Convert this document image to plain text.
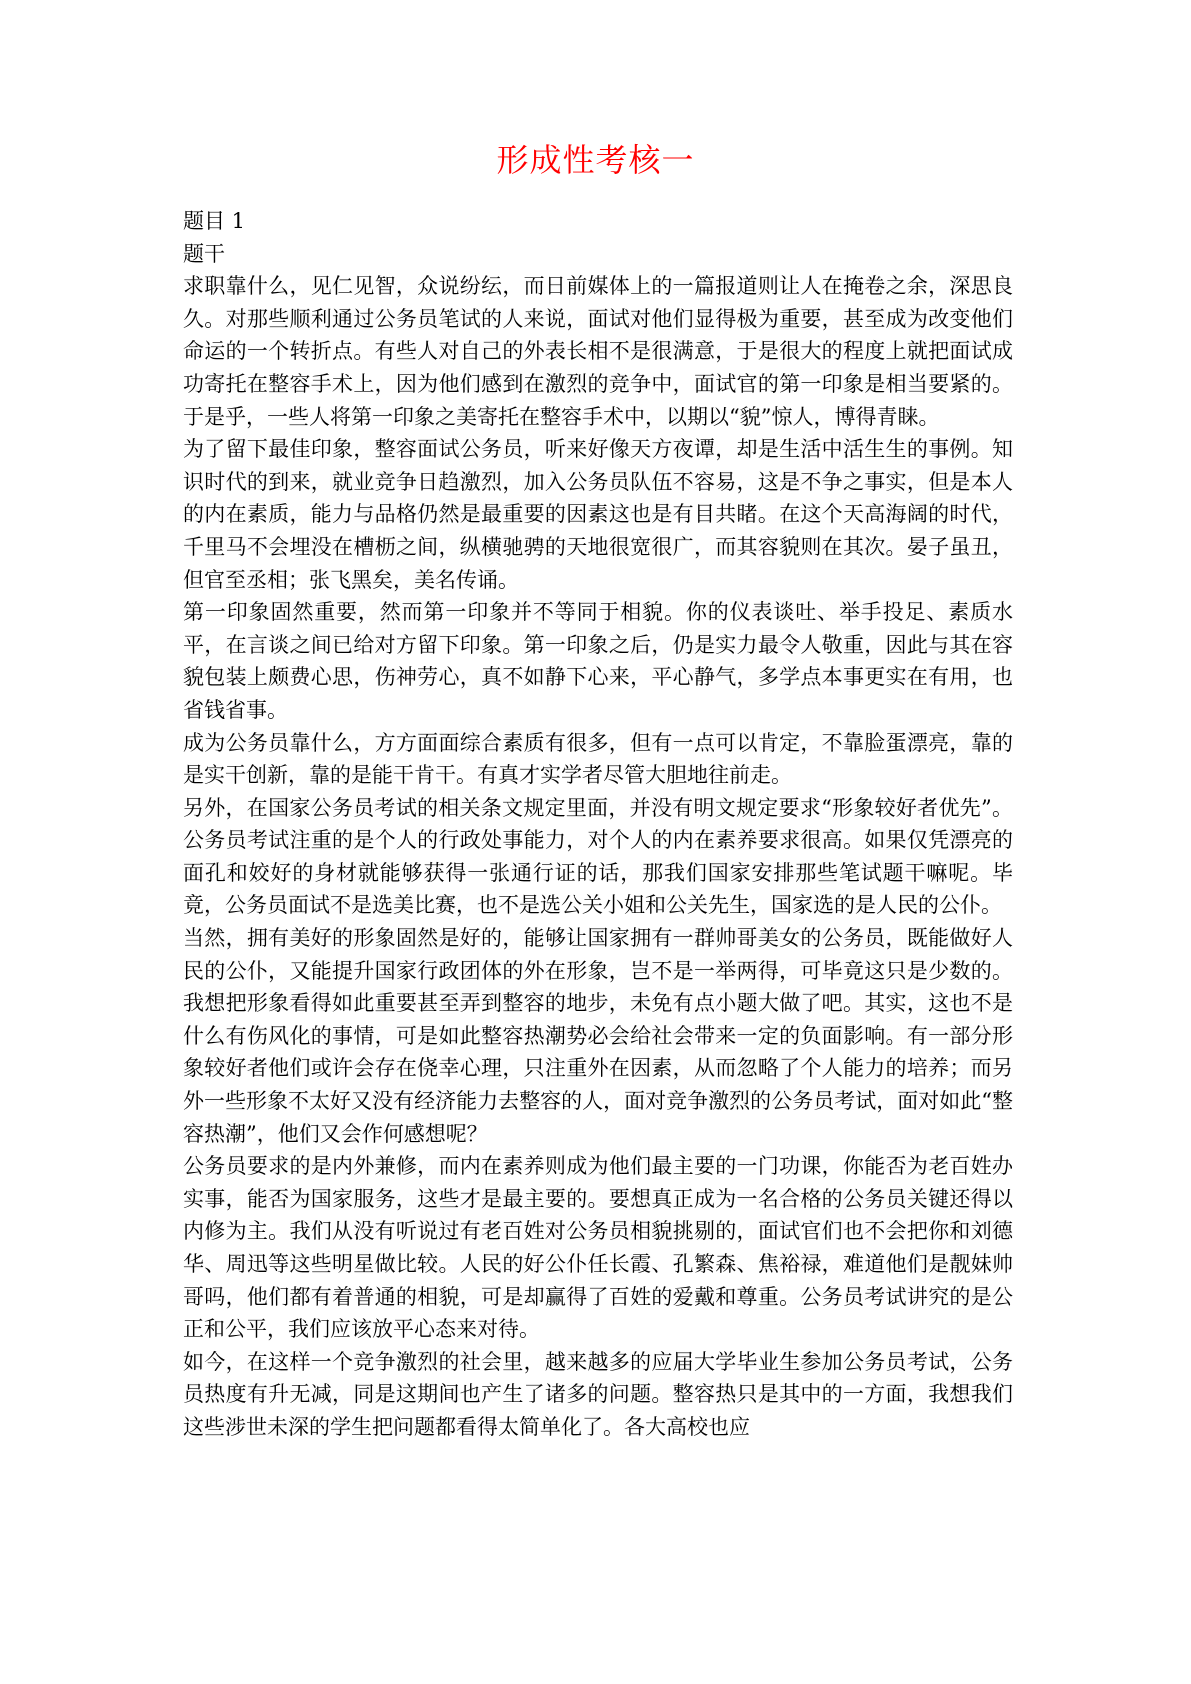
形成性考核一

题目 1

题干

求职靠什么，见仁见智，众说纷纭，而日前媒体上的一篇报道则让人在掩卷之余，深思良久。对那些顺利通过公务员笔试的人来说，面试对他们显得极为重要，甚至成为改变他们命运的一个转折点。有些人对自己的外表长相不是很满意，于是很大的程度上就把面试成功寄托在整容手术上，因为他们感到在激烈的竞争中，面试官的第一印象是相当要紧的。于是乎，一些人将第一印象之美寄托在整容手术中，以期以“貌”惊人，博得青睐。

为了留下最佳印象，整容面试公务员，听来好像天方夜谭，却是生活中活生生的事例。知识时代的到来，就业竞争日趋激烈，加入公务员队伍不容易，这是不争之事实，但是本人的内在素质，能力与品格仍然是最重要的因素这也是有目共睹。在这个天高海阔的时代，千里马不会埋没在槽枥之间，纵横驰骋的天地很宽很广，而其容貌则在其次。晏子虽丑，但官至丞相；张飞黑矣，美名传诵。

第一印象固然重要，然而第一印象并不等同于相貌。你的仪表谈吐、举手投足、素质水平，在言谈之间已给对方留下印象。第一印象之后，仍是实力最令人敬重，因此与其在容貌包装上颇费心思，伤神劳心，真不如静下心来，平心静气，多学点本事更实在有用，也省钱省事。

成为公务员靠什么，方方面面综合素质有很多，但有一点可以肯定，不靠脸蛋漂亮，靠的是实干创新，靠的是能干肯干。有真才实学者尽管大胆地往前走。

另外，在国家公务员考试的相关条文规定里面，并没有明文规定要求“形象较好者优先”。公务员考试注重的是个人的行政处事能力，对个人的内在素养要求很高。如果仅凭漂亮的面孔和姣好的身材就能够获得一张通行证的话，那我们国家安排那些笔试题干嘛呢。毕竟，公务员面试不是选美比赛，也不是选公关小姐和公关先生，国家选的是人民的公仆。

当然，拥有美好的形象固然是好的，能够让国家拥有一群帅哥美女的公务员，既能做好人民的公仆，又能提升国家行政团体的外在形象，岂不是一举两得，可毕竟这只是少数的。我想把形象看得如此重要甚至弄到整容的地步，未免有点小题大做了吧。其实，这也不是什么有伤风化的事情，可是如此整容热潮势必会给社会带来一定的负面影响。有一部分形象较好者他们或许会存在侥幸心理，只注重外在因素，从而忽略了个人能力的培养；而另外一些形象不太好又没有经济能力去整容的人，面对竞争激烈的公务员考试，面对如此“整容热潮”，他们又会作何感想呢？

公务员要求的是内外兼修，而内在素养则成为他们最主要的一门功课，你能否为老百姓办实事，能否为国家服务，这些才是最主要的。要想真正成为一名合格的公务员关键还得以内修为主。我们从没有听说过有老百姓对公务员相貌挑剔的，面试官们也不会把你和刘德华、周迅等这些明星做比较。人民的好公仆任长霞、孔繁森、焦裕禄，难道他们是靓妹帅哥吗，他们都有着普通的相貌，可是却赢得了百姓的爱戴和尊重。公务员考试讲究的是公正和公平，我们应该放平心态来对待。

如今，在这样一个竞争激烈的社会里，越来越多的应届大学毕业生参加公务员考试，公务员热度有升无减，同是这期间也产生了诸多的问题。整容热只是其中的一方面，我想我们这些涉世未深的学生把问题都看得太简单化了。各大高校也应
